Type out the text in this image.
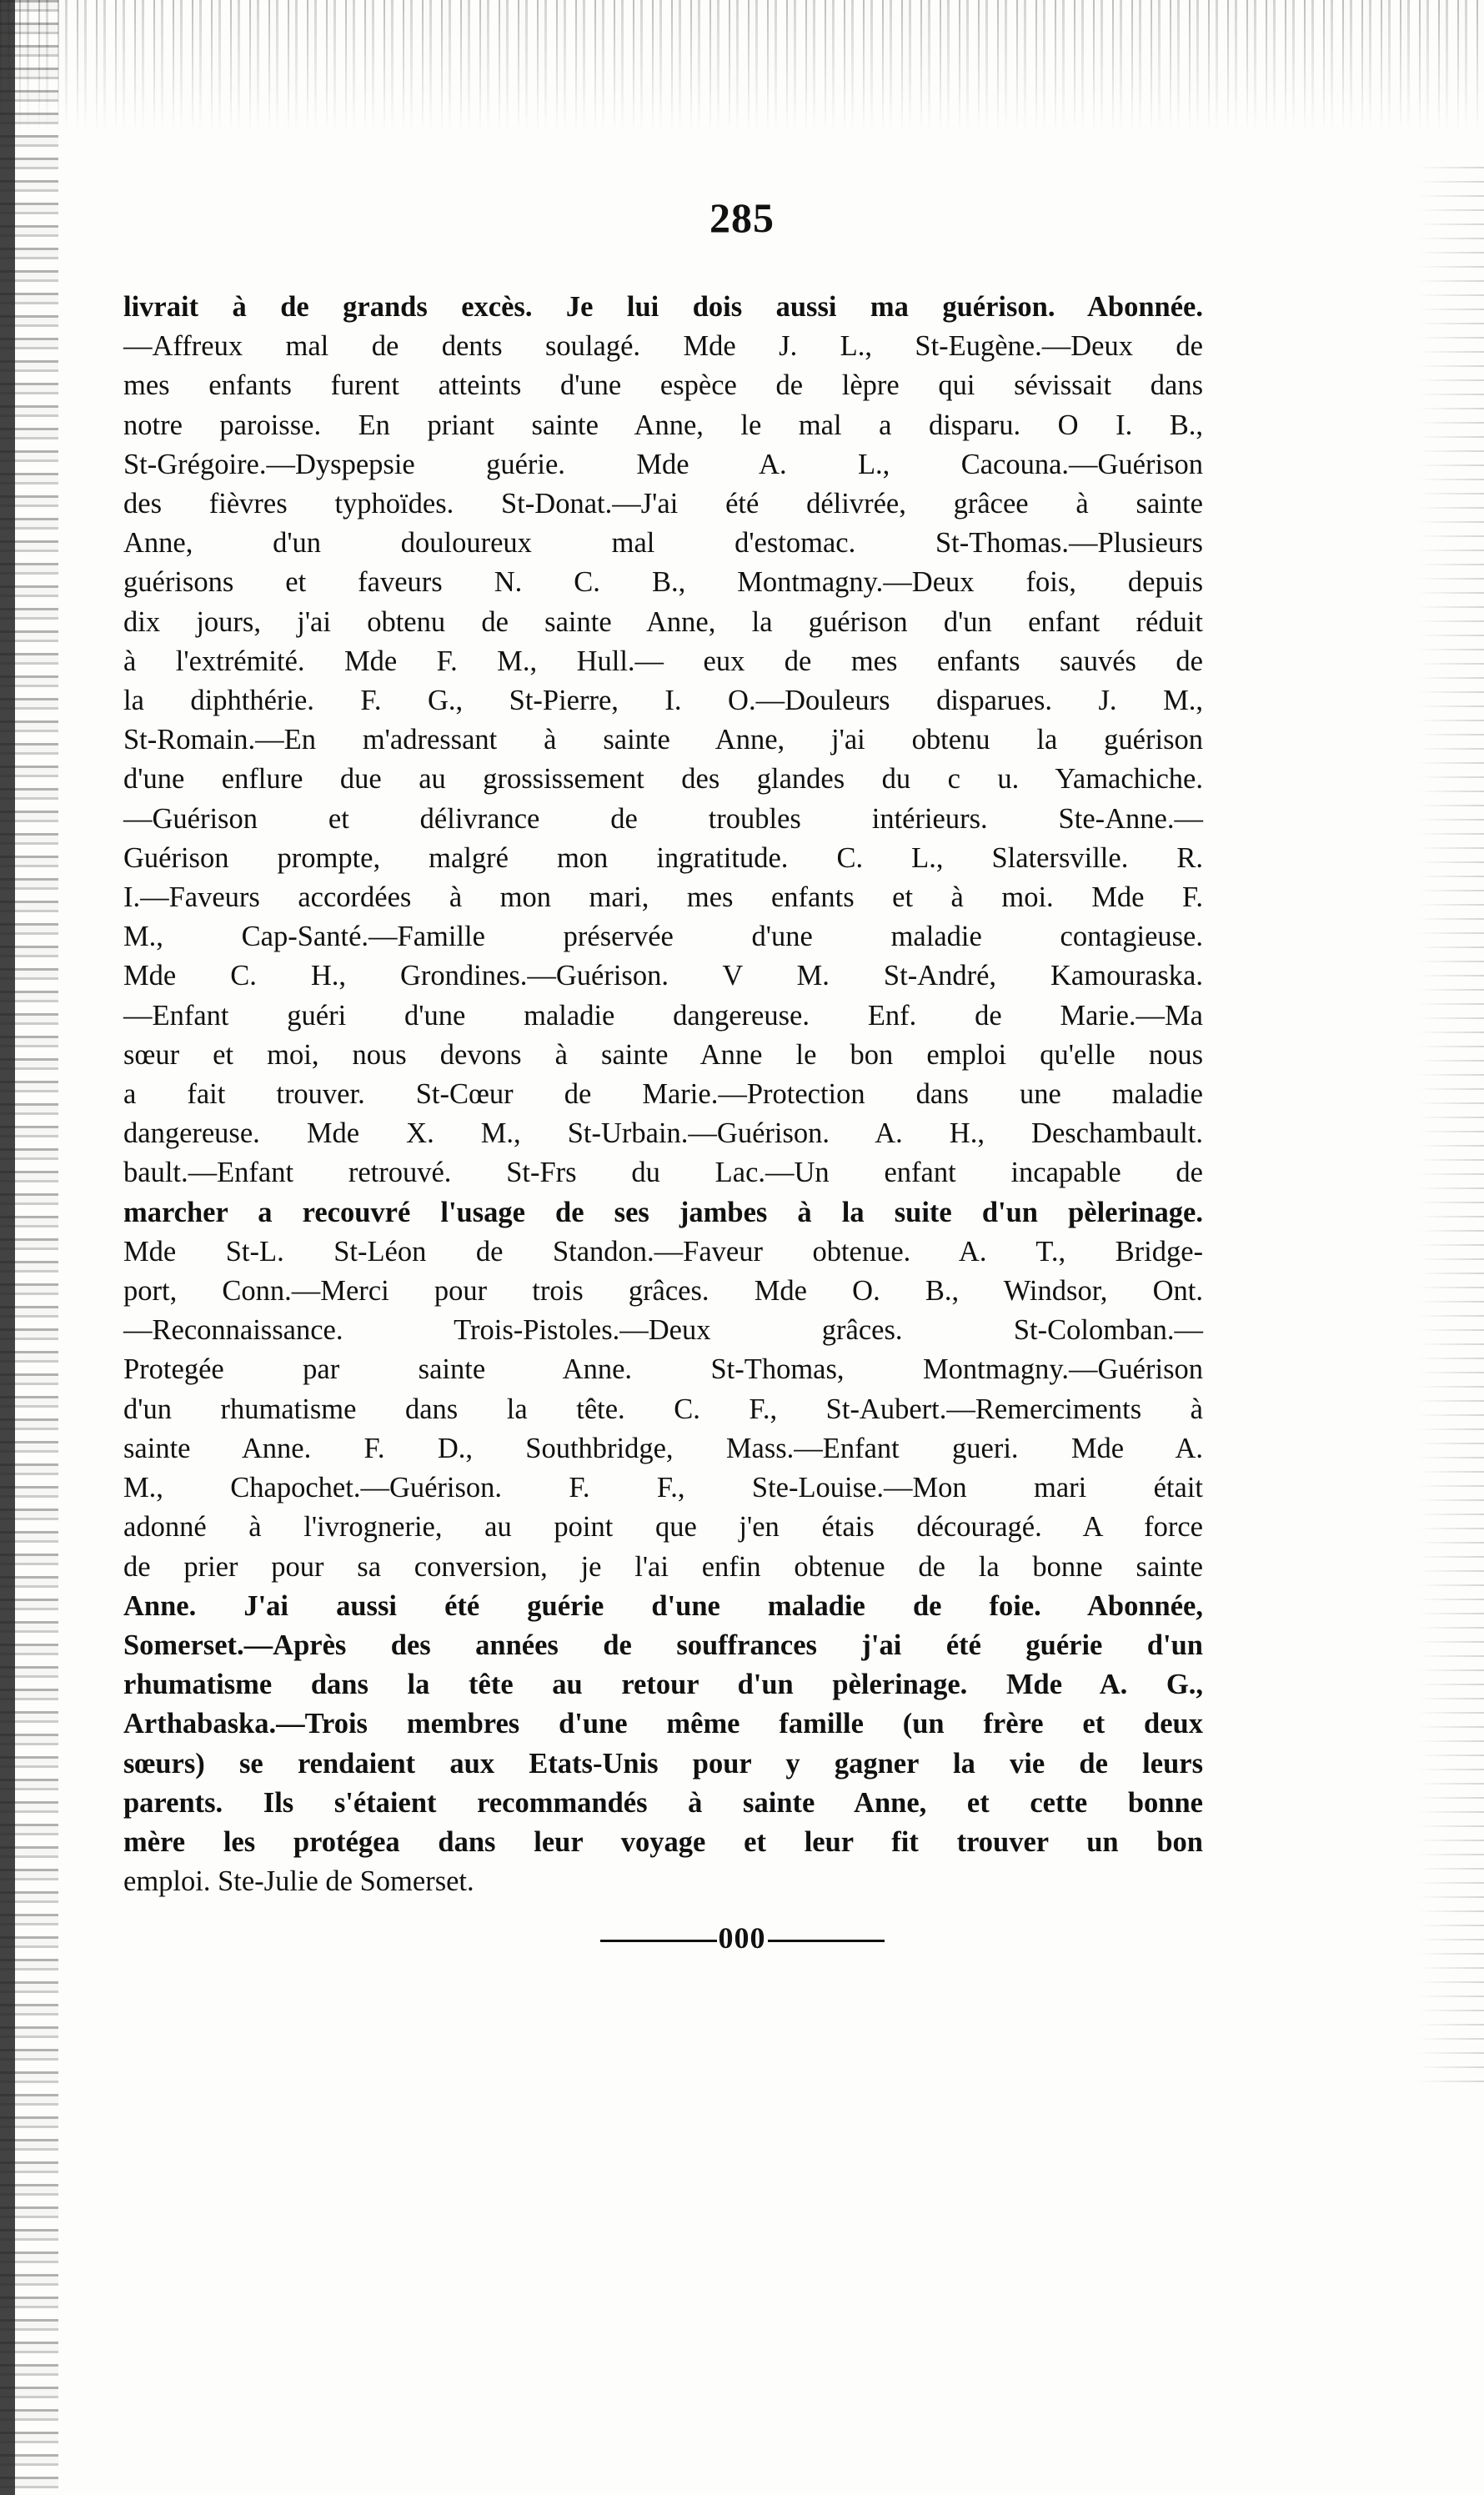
285
livrait à de grands excès. Je lui dois aussi ma guérison. Abonnée.
—Affreux mal de dents soulagé. Mde J. L., St-Eugène.—Deux de
mes enfants furent atteints d'une espèce de lèpre qui sévissait dans
notre paroisse. En priant sainte Anne, le mal a disparu. O I. B.,
St-Grégoire.—Dyspepsie guérie. Mde A. L., Cacouna.—Guérison
des fièvres typhoïdes. St-Donat.—J'ai été délivrée, grâcee à sainte
Anne, d'un douloureux mal d'estomac. St-Thomas.—Plusieurs
guérisons et faveurs N. C. B., Montmagny.—Deux fois, depuis
dix jours, j'ai obtenu de sainte Anne, la guérison d'un enfant réduit
à l'extrémité. Mde F. M., Hull.— eux de mes enfants sauvés de
la diphthérie. F. G., St-Pierre, I. O.—Douleurs disparues. J. M.,
St-Romain.—En m'adressant à sainte Anne, j'ai obtenu la guérison
d'une enflure due au grossissement des glandes du c u. Yamachiche.
—Guérison et délivrance de troubles intérieurs. Ste-Anne.—
Guérison prompte, malgré mon ingratitude. C. L., Slatersville. R.
I.—Faveurs accordées à mon mari, mes enfants et à moi. Mde F.
M., Cap-Santé.—Famille préservée d'une maladie contagieuse.
Mde C. H., Grondines.—Guérison. V M. St-André, Kamouraska.
—Enfant guéri d'une maladie dangereuse. Enf. de Marie.—Ma
sœur et moi, nous devons à sainte Anne le bon emploi qu'elle nous
a fait trouver. St-Cœur de Marie.—Protection dans une maladie
dangereuse. Mde X. M., St-Urbain.—Guérison. A. H., Deschambault.
bault.—Enfant retrouvé. St-Frs du Lac.—Un enfant incapable de
marcher a recouvré l'usage de ses jambes à la suite d'un pèlerinage.
Mde St-L. St-Léon de Standon.—Faveur obtenue. A. T., Bridge-
port, Conn.—Merci pour trois grâces. Mde O. B., Windsor, Ont.
—Reconnaissance. Trois-Pistoles.—Deux grâces. St-Colomban.—
Protegée par sainte Anne. St-Thomas, Montmagny.—Guérison
d'un rhumatisme dans la tête. C. F., St-Aubert.—Remerciments à
sainte Anne. F. D., Southbridge, Mass.—Enfant gueri. Mde A.
M., Chapochet.—Guérison. F. F., Ste-Louise.—Mon mari était
adonné à l'ivrognerie, au point que j'en étais découragé. A force
de prier pour sa conversion, je l'ai enfin obtenue de la bonne sainte
Anne. J'ai aussi été guérie d'une maladie de foie. Abonnée,
Somerset.—Après des années de souffrances j'ai été guérie d'un
rhumatisme dans la tête au retour d'un pèlerinage. Mde A. G.,
Arthabaska.—Trois membres d'une même famille (un frère et deux
sœurs) se rendaient aux Etats-Unis pour y gagner la vie de leurs
parents. Ils s'étaient recommandés à sainte Anne, et cette bonne
mère les protégea dans leur voyage et leur fit trouver un bon
emploi. Ste-Julie de Somerset.
000
